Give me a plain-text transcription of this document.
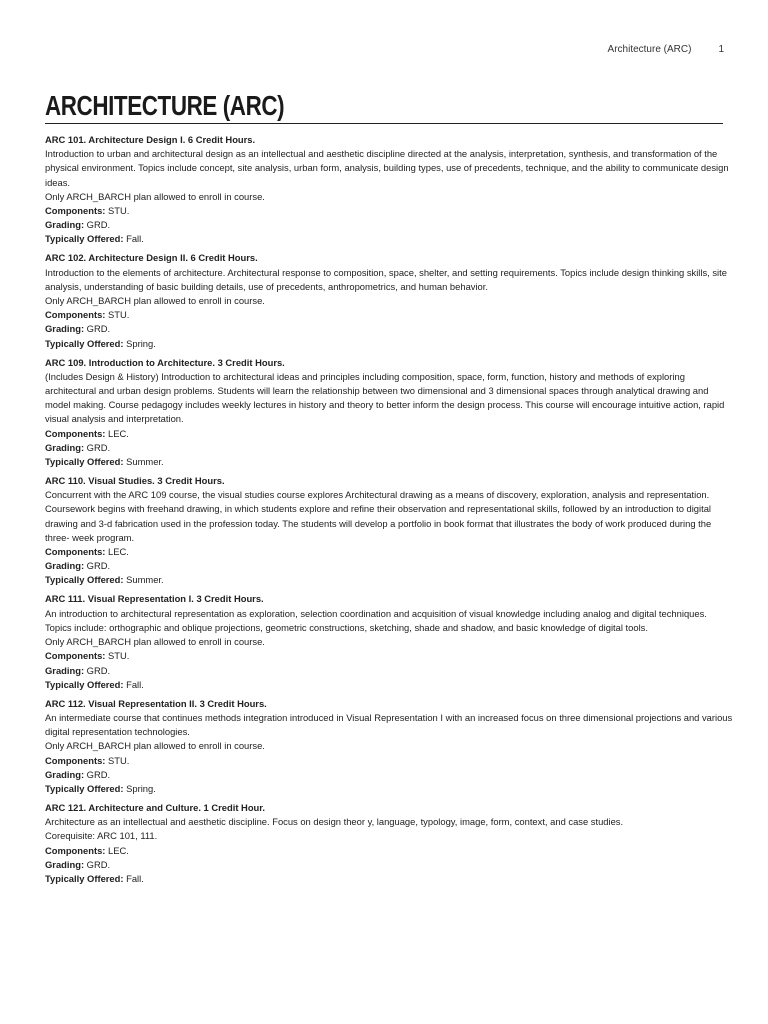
Architecture (ARC)	1
ARCHITECTURE (ARC)
ARC 101. Architecture Design I. 6 Credit Hours.
Introduction to urban and architectural design as an intellectual and aesthetic discipline directed at the analysis, interpretation, synthesis, and transformation of the physical environment. Topics include concept, site analysis, urban form, analysis, building types, use of precedents, technique, and the ability to communicate design ideas.
Only ARCH_BARCH plan allowed to enroll in course.
Components: STU.
Grading: GRD.
Typically Offered: Fall.
ARC 102. Architecture Design II. 6 Credit Hours.
Introduction to the elements of architecture. Architectural response to composition, space, shelter, and setting requirements. Topics include design thinking skills, site analysis, understanding of basic building details, use of precedents, anthropometrics, and human behavior.
Only ARCH_BARCH plan allowed to enroll in course.
Components: STU.
Grading: GRD.
Typically Offered: Spring.
ARC 109. Introduction to Architecture. 3 Credit Hours.
(Includes Design & History) Introduction to architectural ideas and principles including composition, space, form, function, history and methods of exploring architectural and urban design problems. Students will learn the relationship between two dimensional and 3 dimensional spaces through analytical drawing and model making. Course pedagogy includes weekly lectures in history and theory to better inform the design process. This course will encourage intuitive action, rapid visual analysis and interpretation.
Components: LEC.
Grading: GRD.
Typically Offered: Summer.
ARC 110. Visual Studies. 3 Credit Hours.
Concurrent with the ARC 109 course, the visual studies course explores Architectural drawing as a means of discovery, exploration, analysis and representation. Coursework begins with freehand drawing, in which students explore and refine their observation and representational skills, followed by an introduction to digital drawing and 3-d fabrication used in the profession today. The students will develop a portfolio in book format that illustrates the body of work produced during the three- week program.
Components: LEC.
Grading: GRD.
Typically Offered: Summer.
ARC 111. Visual Representation I. 3 Credit Hours.
An introduction to architectural representation as exploration, selection coordination and acquisition of visual knowledge including analog and digital techniques. Topics include: orthographic and oblique projections, geometric constructions, sketching, shade and shadow, and basic knowledge of digital tools.
Only ARCH_BARCH plan allowed to enroll in course.
Components: STU.
Grading: GRD.
Typically Offered: Fall.
ARC 112. Visual Representation II. 3 Credit Hours.
An intermediate course that continues methods integration introduced in Visual Representation I with an increased focus on three dimensional projections and various digital representation technologies.
Only ARCH_BARCH plan allowed to enroll in course.
Components: STU.
Grading: GRD.
Typically Offered: Spring.
ARC 121. Architecture and Culture. 1 Credit Hour.
Architecture as an intellectual and aesthetic discipline. Focus on design theor y, language, typology, image, form, context, and case studies.
Corequisite: ARC 101, 111.
Components: LEC.
Grading: GRD.
Typically Offered: Fall.
